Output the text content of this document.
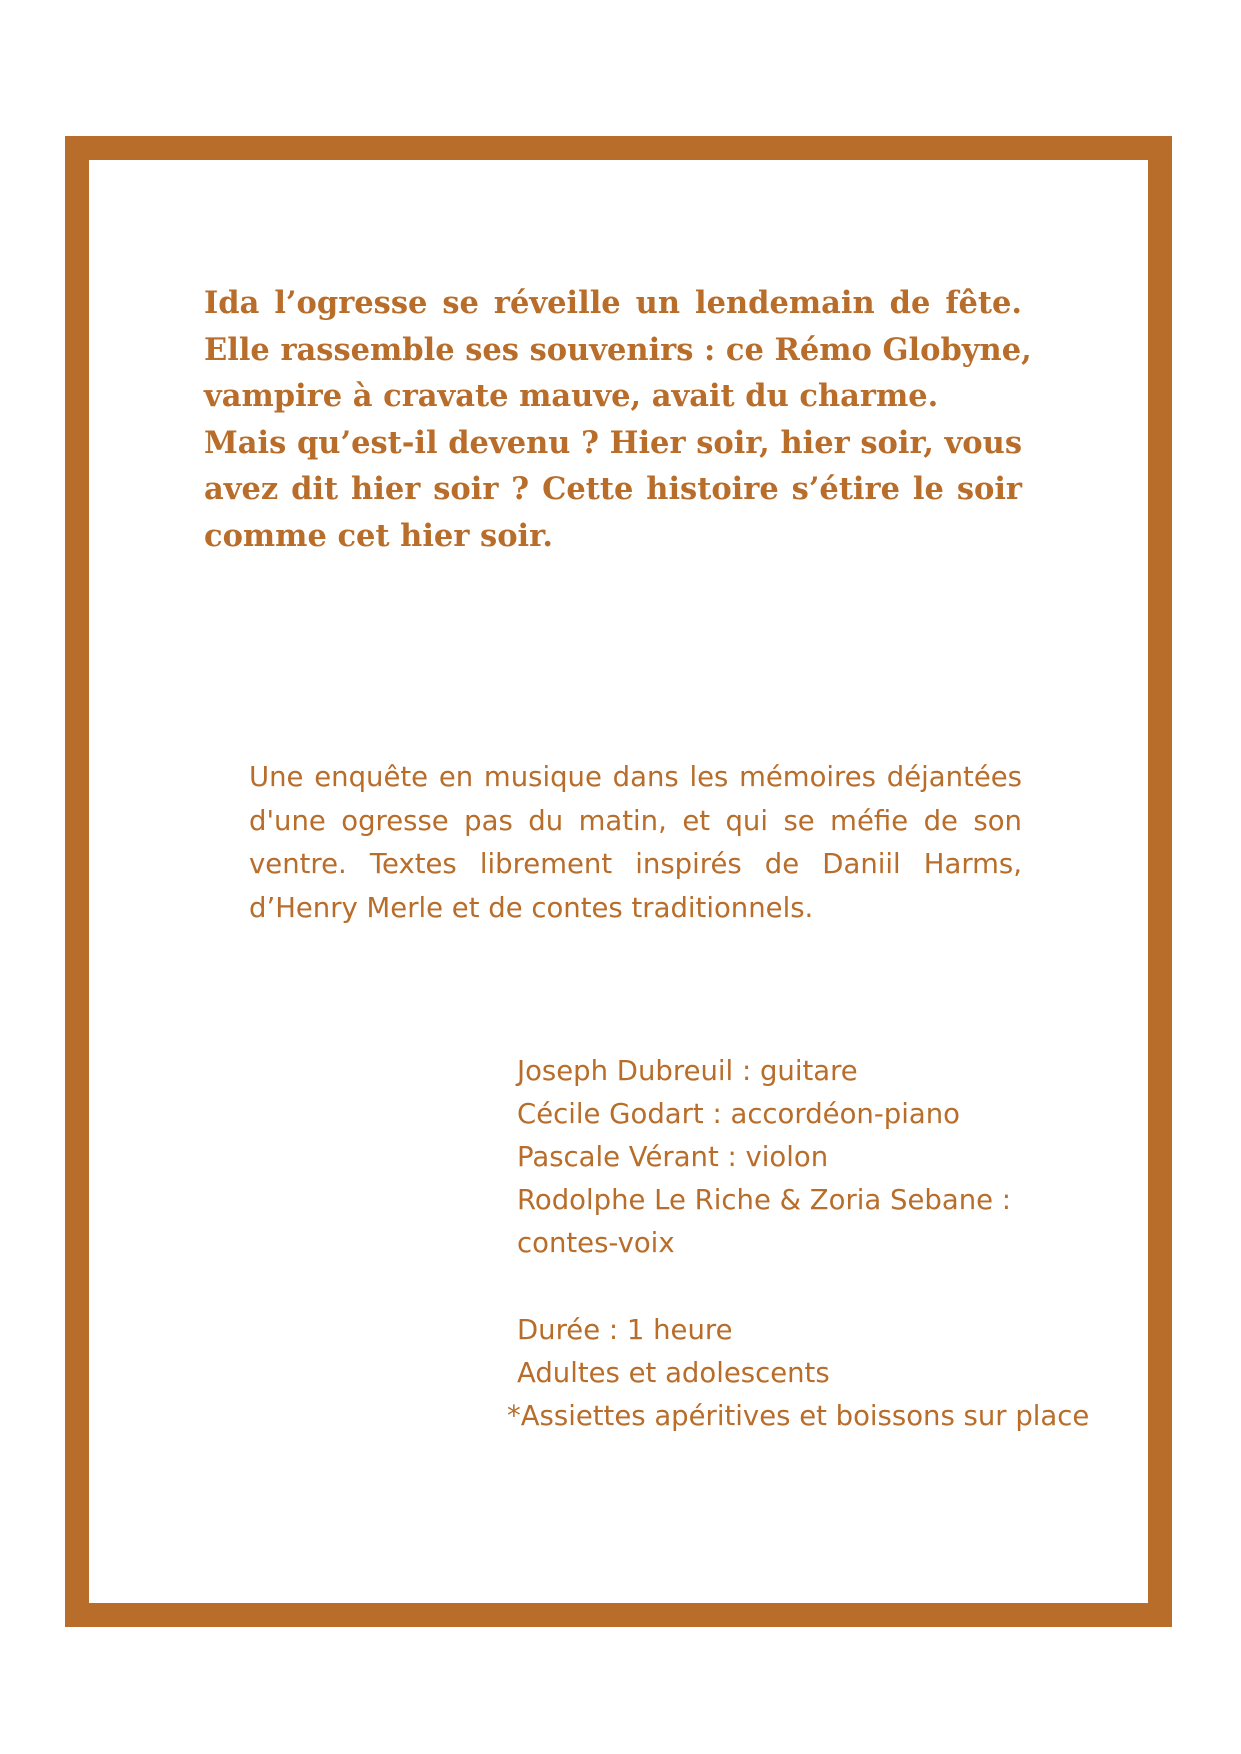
Ida l’ogresse se réveille un lendemain de fête.
Elle rassemble ses souvenirs : ce Rémo Globyne,
vampire à cravate mauve, avait du charme.
Mais qu’est-il devenu ? Hier soir, hier soir, vous
avez dit hier soir ? Cette histoire s’étire le soir
comme cet hier soir.

Une enquête en musique dans les mémoires déjantées
d'une ogresse pas du matin, et qui se méfie de son
ventre. Textes librement inspirés de Daniil Harms,
d’Henry Merle et de contes traditionnels.

Joseph Dubreuil : guitare
Cécile Godart : accordéon-piano
Pascale Vérant : violon
Rodolphe Le Riche & Zoria Sebane :
contes-voix
Durée : 1 heure
Adultes et adolescents
*Assiettes apéritives et boissons sur place
